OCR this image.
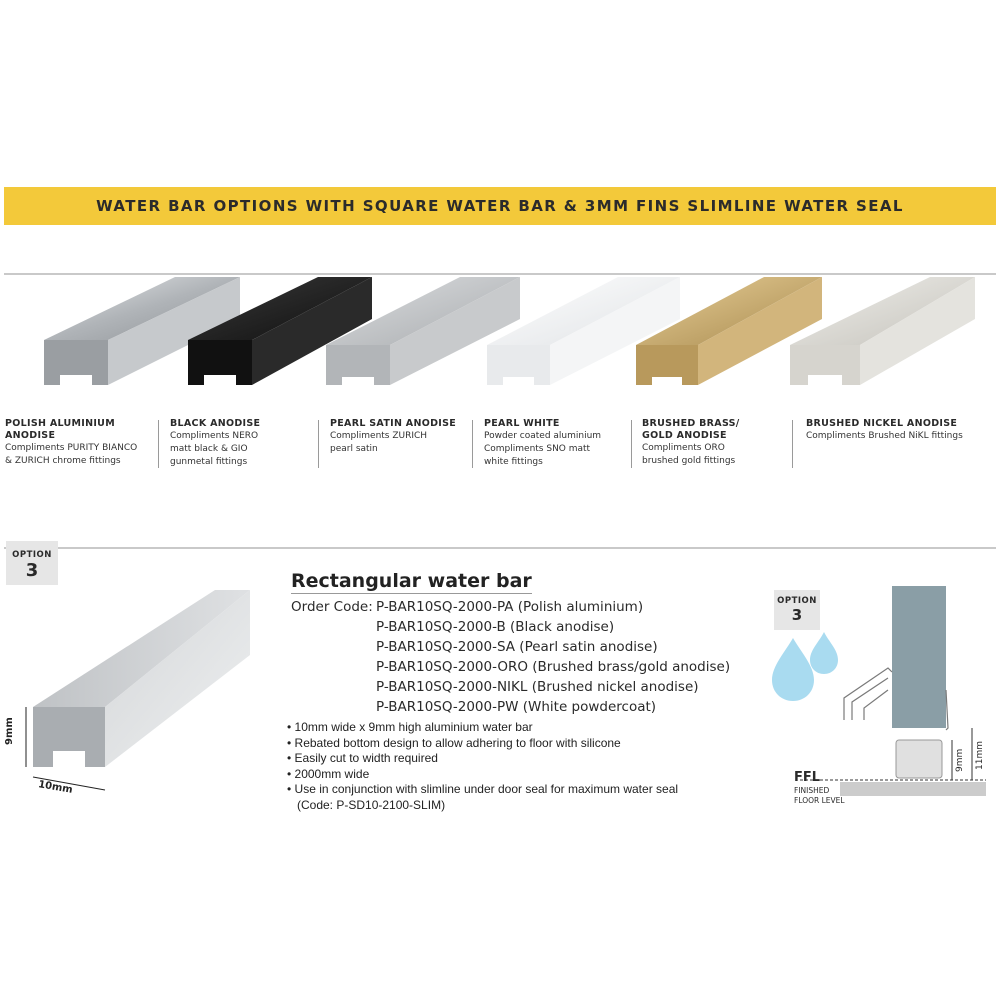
WATER BAR OPTIONS WITH SQUARE WATER BAR & 3MM FINS SLIMLINE WATER SEAL
POLISH ALUMINIUM
ANODISE
Compliments PURITY BIANCO
& ZURICH chrome fittings
BLACK ANODISE
Compliments NERO
matt black & GIO
gunmetal fittings
PEARL SATIN ANODISE
Compliments ZURICH
pearl satin
PEARL WHITE
Powder coated aluminium
Compliments SNO matt
white fittings
BRUSHED BRASS/
GOLD ANODISE
Compliments ORO
brushed gold fittings
BRUSHED NICKEL ANODISE
Compliments Brushed NiKL fittings
OPTION
3
9mm
10mm
Rectangular water bar
Order Code: P-BAR10SQ-2000-PA (Polish aluminium)
P-BAR10SQ-2000-B (Black anodise)
P-BAR10SQ-2000-SA (Pearl satin anodise)
P-BAR10SQ-2000-ORO (Brushed brass/gold anodise)
P-BAR10SQ-2000-NIKL (Brushed nickel anodise)
P-BAR10SQ-2000-PW (White powdercoat)
• 10mm wide x 9mm high aluminium water bar
• Rebated bottom design to allow adhering to floor with silicone
• Easily cut to width required
• 2000mm wide
• Use in conjunction with slimline under door seal for maximum water seal
(Code: P-SD10-2100-SLIM)
OPTION
3
FFL
FINISHED
FLOOR LEVEL
9mm 11mm
